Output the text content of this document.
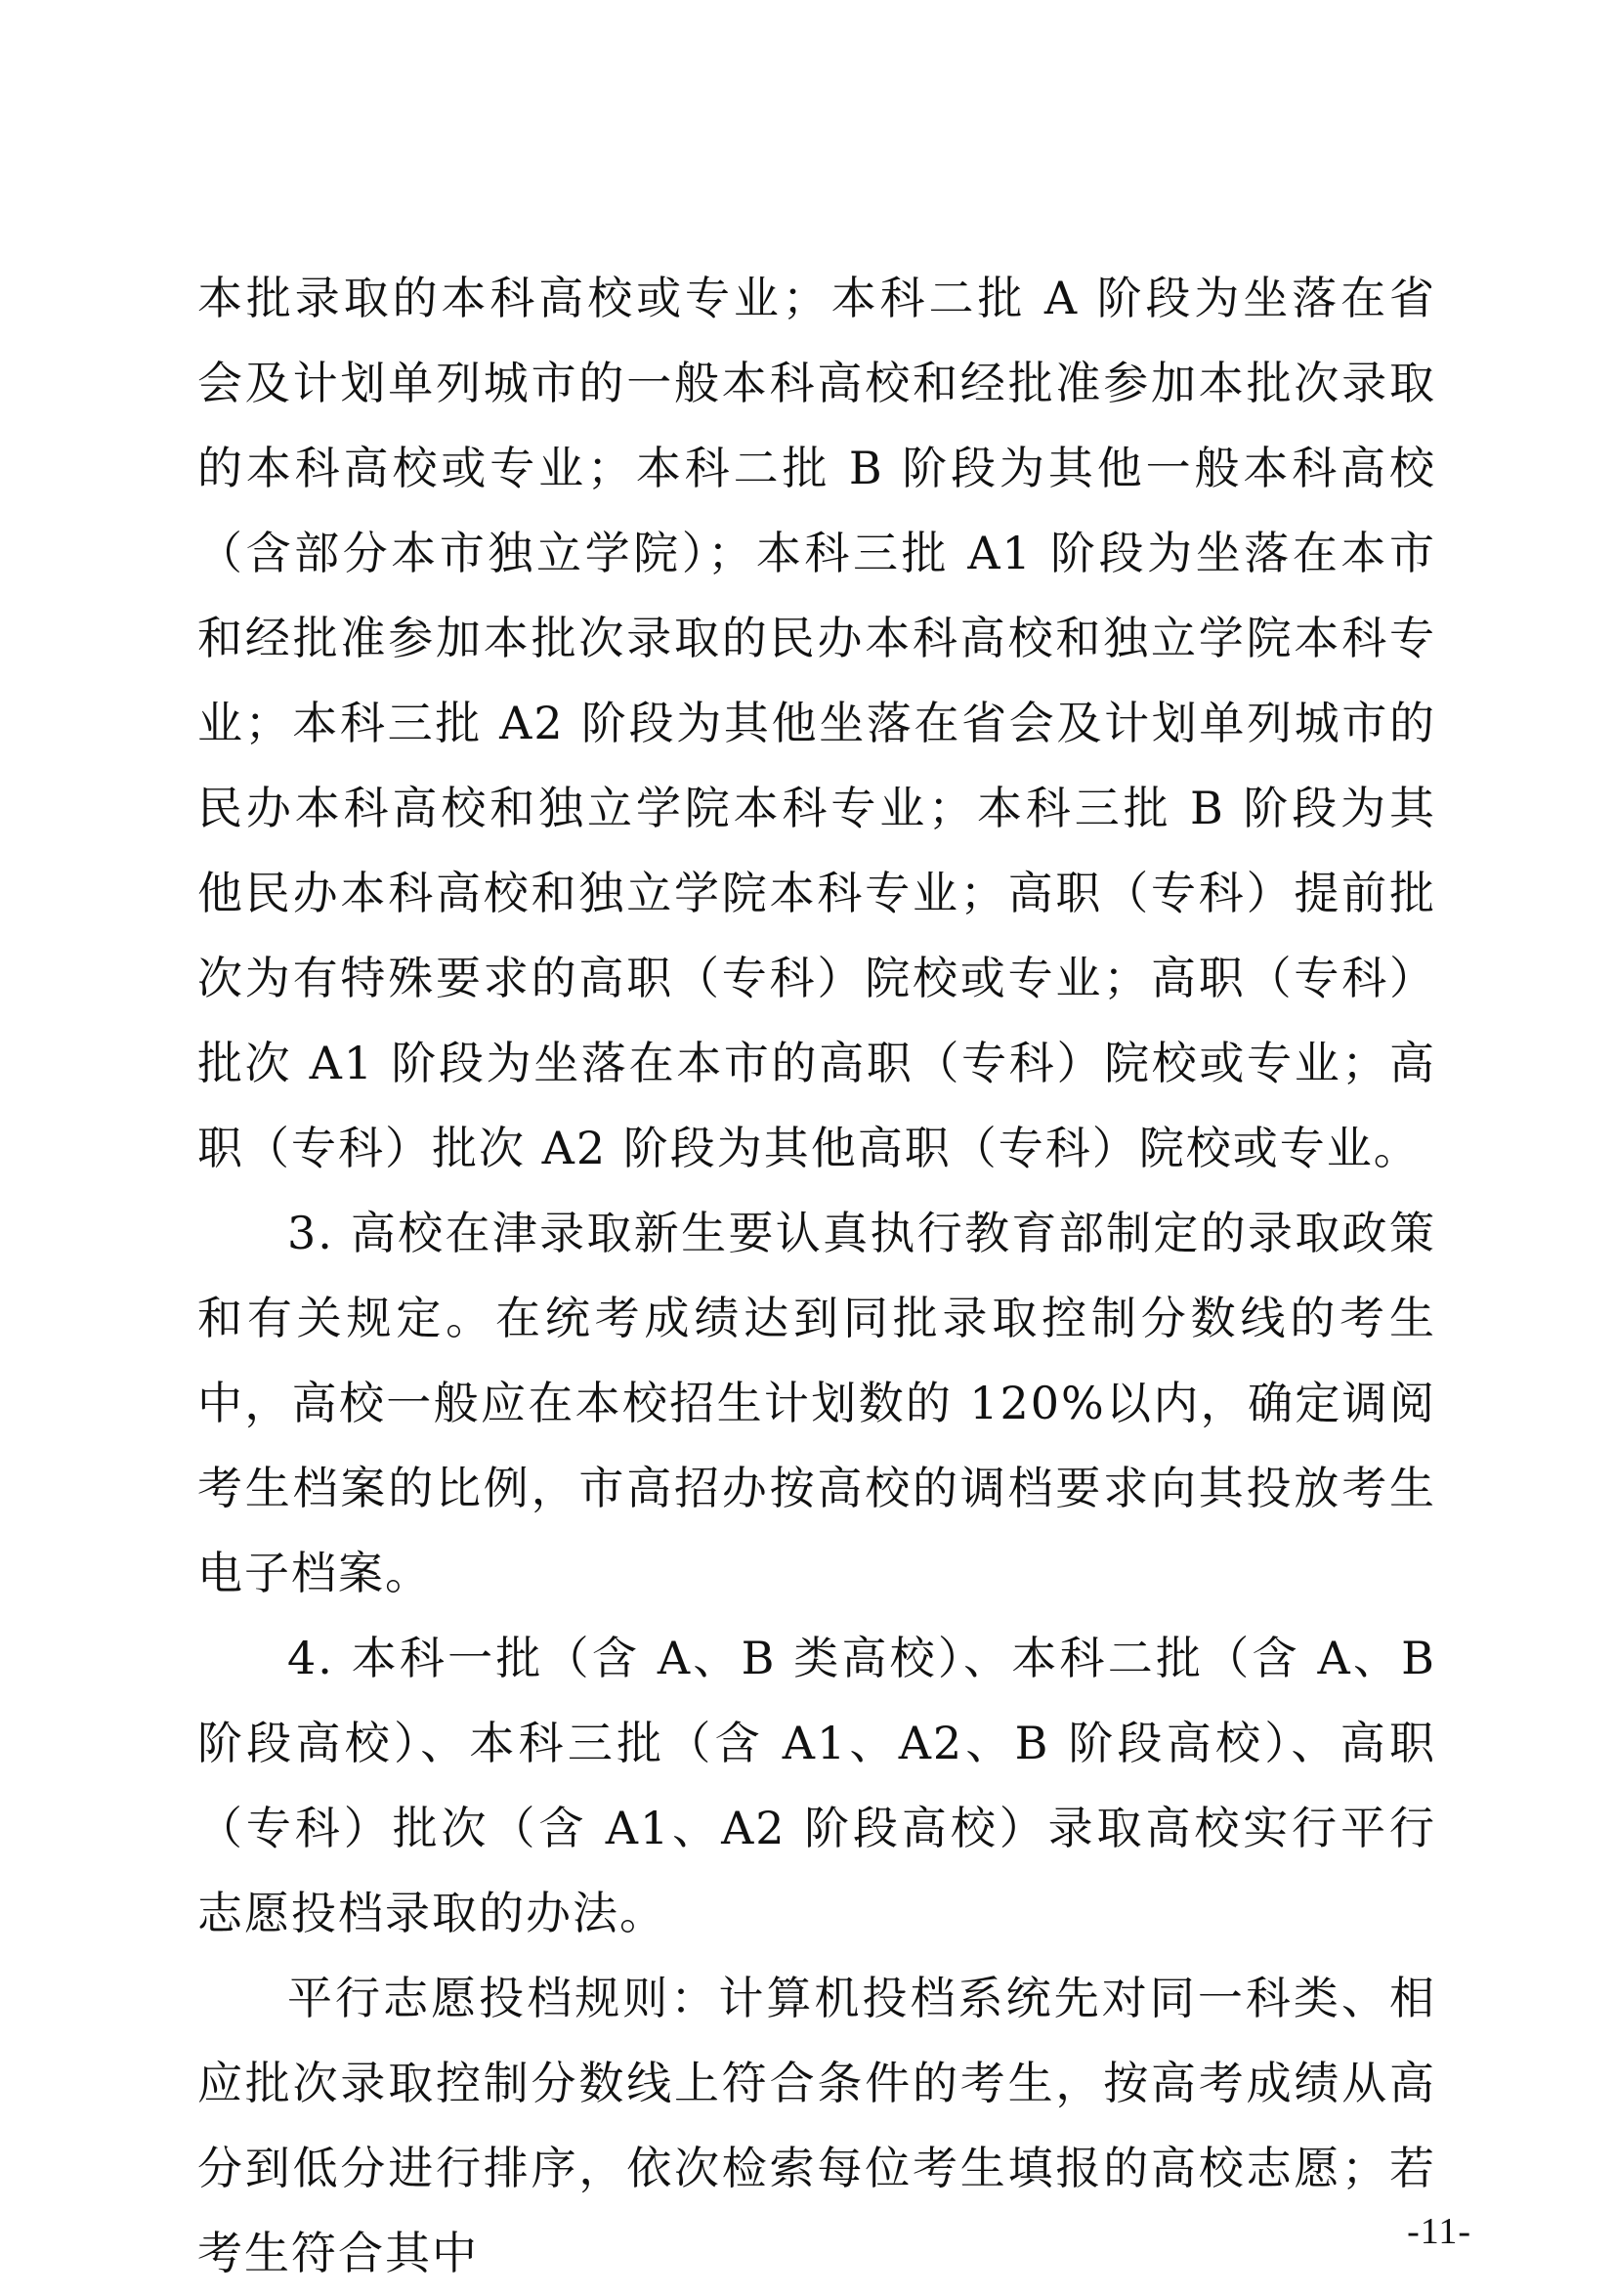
本批录取的本科高校或专业；本科二批 A 阶段为坐落在省会及计划单列城市的一般本科高校和经批准参加本批次录取的本科高校或专业；本科二批 B 阶段为其他一般本科高校（含部分本市独立学院）；本科三批 A1 阶段为坐落在本市和经批准参加本批次录取的民办本科高校和独立学院本科专业；本科三批 A2 阶段为其他坐落在省会及计划单列城市的民办本科高校和独立学院本科专业；本科三批 B 阶段为其他民办本科高校和独立学院本科专业；高职（专科）提前批次为有特殊要求的高职（专科）院校或专业；高职（专科）批次 A1 阶段为坐落在本市的高职（专科）院校或专业；高职（专科）批次 A2 阶段为其他高职（专科）院校或专业。

3. 高校在津录取新生要认真执行教育部制定的录取政策和有关规定。在统考成绩达到同批录取控制分数线的考生中，高校一般应在本校招生计划数的 120%以内，确定调阅考生档案的比例，市高招办按高校的调档要求向其投放考生电子档案。

4. 本科一批（含 A、B 类高校）、本科二批（含 A、B 阶段高校）、本科三批（含 A1、A2、B 阶段高校）、高职（专科）批次（含 A1、A2 阶段高校）录取高校实行平行志愿投档录取的办法。

平行志愿投档规则：计算机投档系统先对同一科类、相应批次录取控制分数线上符合条件的考生，按高考成绩从高分到低分进行排序，依次检索每位考生填报的高校志愿；若考生符合其中	-11-
